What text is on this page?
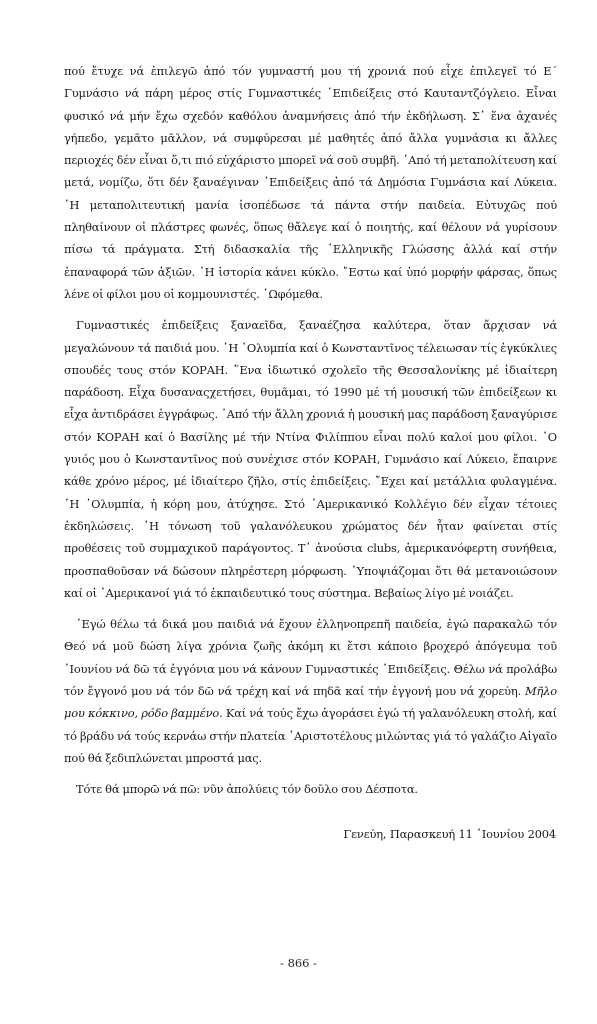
πού ἔτυχε νά ἐπιλεγῶ ἀπό τόν γυμναστή μου τή χρονιά πού εἶχε ἐπιλεγεῖ τό Ε΄ Γυμνάσιο νά πάρη μέρος στίς Γυμναστικές ᾽Επιδείξεις στό Καυταντζόγλειο. Εἶναι φυσικό νά μήν ἔχω σχεδόν καθόλου ἀναμνήσεις ἀπό τήν ἐκδήλωση. Σ᾽ ἕνα ἀχανές γήπεδο, γεμᾶτο μᾶλλον, νά συμφύρεσαι μέ μαθητές ἀπό ἄλλα γυμνάσια κι ἄλλες περιοχές δέν εἶναι ὅ,τι πιό εὐχάριστο μπορεῖ νά σοῦ συμβῆ. ᾽Από τή μεταπολίτευση καί μετά, νομίζω, ὅτι δέν ξαναέγιναν ᾽Επιδείξεις ἀπό τά Δημόσια Γυμνάσια καί Λύκεια. ῾Η μεταπολιτευτική μανία ἰσοπέδωσε τά πάντα στήν παιδεία. Εὐτυχῶς πού πληθαίνουν οἱ πλάστρες φωνές, ὅπως θἄλεγε καί ὁ ποιητής, καί θέλουν νά γυρίσουν πίσω τά πράγματα. Στή διδασκαλία τῆς ῾Ελληνικῆς Γλώσσης ἀλλά καί στήν ἐπαναφορά τῶν ἀξιῶν. ῾Η ἱστορία κάνει κύκλο. ῎Εστω καί ὑπό μορφήν φάρσας, ὅπως λένε οἱ φίλοι μου οἱ κομμουνιστές. ᾽Ωφόμεθα.

Γυμναστικές ἐπιδείξεις ξαναεῖδα, ξαναέζησα καλύτερα, ὅταν ἄρχισαν νά μεγαλώνουν τά παιδιά μου. ῾Η ᾽Ολυμπία καί ὁ Κωνσταντῖνος τέλειωσαν τίς ἐγκύκλιες σπουδές τους στόν ΚΟΡΑΗ. ῞Ενα ἰδιωτικό σχολεῖο τῆς Θεσσαλονίκης μέ ἰδιαίτερη παράδοση. Εἶχα δυσαναςχετήσει, θυμᾶμαι, τό 1990 μέ τή μουσική τῶν ἐπιδείξεων κι εἶχα ἀντιδράσει ἐγγράφως. ᾽Από τήν ἄλλη χρονιά ἡ μουσική μας παράδοση ξαναγύρισε στόν ΚΟΡΑΗ καί ὁ Βασίλης μέ τήν Ντίνα Φιλίππου εἶναι πολύ καλοί μου φίλοι. ῾Ο γυιός μου ὁ Κωνσταντῖνος πού συνέχισε στόν ΚΟΡΑΗ, Γυμνάσιο καί Λύκειο, ἔπαιρνε κάθε χρόνο μέρος, μέ ἰδιαίτερο ζῆλο, στίς ἐπιδείξεις. ῎Εχει καί μετάλλια φυλαγμένα. ῾Η ᾽Ολυμπία, ἡ κόρη μου, ἀτύχησε. Στό ᾽Αμερικανικό Κολλέγιο δέν εἶχαν τέτοιες ἐκδηλώσεις. ῾Η τόνωση τοῦ γαλανόλευκου χρώματος δέν ἦταν φαίνεται στίς προθέσεις τοῦ συμμαχικοῦ παράγοντος. Τ᾽ ἀνούσια clubs, ἀμερικανόφερτη συνήθεια, προσπαθοῦσαν νά δώσουν πληρέστερη μόρφωση. ῾Υποψιάζομαι ὅτι θά μετανοιώσουν καί οἱ ᾽Αμερικανοί γιά τό ἐκπαιδευτικό τους σύστημα. Βεβαίως λίγο μέ νοιάζει.

᾽Εγώ θέλω τά δικά μου παιδιά νά ἔχουν ἑλληνοπρεπῆ παιδεία, ἐγώ παρακαλῶ τόν Θεό νά μοῦ δώση λίγα χρόνια ζωῆς ἀκόμη κι ἔτσι κάποιο βροχερό ἀπόγευμα τοῦ ᾽Ιουνίου νά δῶ τά ἐγγόνια μου νά κάνουν Γυμναστικές ᾽Επιδείξεις. Θέλω νά προλάβω τόν ἔγγονό μου νά τόν δῶ νά τρέχη καί νά πηδᾶ καί τήν ἐγγονή μου νά χορεύη. Μῆλο μου κόκκινο, ρόδο βαμμένο. Καί νά τούς ἔχω ἀγοράσει ἐγώ τή γαλανόλευκη στολή, καί τό βράδυ νά τούς κερνάω στήν πλατεία ᾽Αριστοτέλους μιλώντας γιά τό γαλάζιο Αἰγαῖο πού θά ξεδιπλώνεται μπροστά μας.

Τότε θά μπορῶ νά πῶ: νῦν ἀπολύεις τόν δοῦλο σου Δέσποτα.

Γενεύη, Παρασκευή 11 ᾽Ιουνίου 2004
- 866 -
